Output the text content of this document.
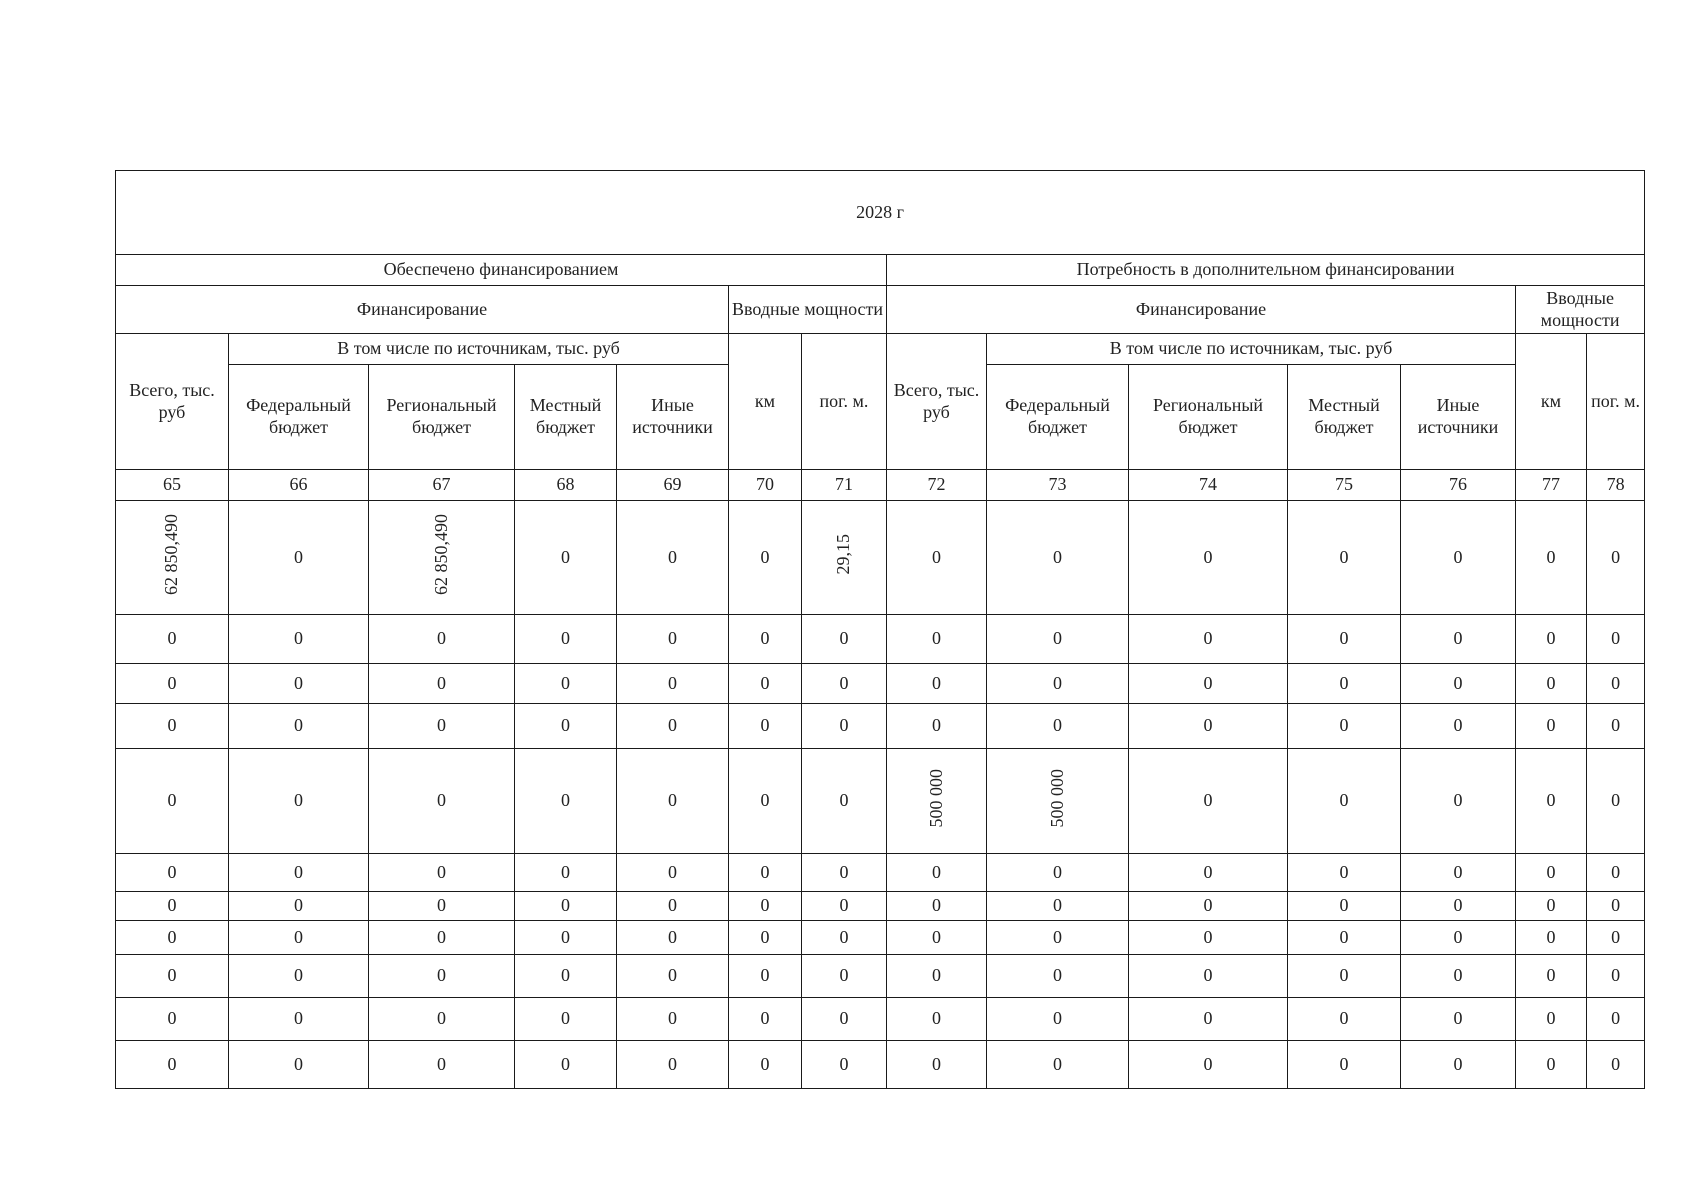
2028 г													
Обеспечено финансированием							Потребность в дополнительном финансировании						
Финансирование					Вводные мощности		Финансирование					Вводные мощности	
Всего, тыс. руб	В том числе по источникам, тыс. руб				км	пог. м.	Всего, тыс. руб	В том числе по источникам, тыс. руб				км	пог. м.
	Федеральный бюджет	Региональный бюджет	Местный бюджет	Иные источники				Федеральный бюджет	Региональный бюджет	Местный бюджет	Иные источники		
65	66	67	68	69	70	71	72	73	74	75	76	77	78
62 850,490	0	62 850,490	0	0	0	29,15	0	0	0	0	0	0	0
0	0	0	0	0	0	0	0	0	0	0	0	0	0
0	0	0	0	0	0	0	0	0	0	0	0	0	0
0	0	0	0	0	0	0	0	0	0	0	0	0	0
0	0	0	0	0	0	0	500 000	500 000	0	0	0	0	0
0	0	0	0	0	0	0	0	0	0	0	0	0	0
0	0	0	0	0	0	0	0	0	0	0	0	0	0
0	0	0	0	0	0	0	0	0	0	0	0	0	0
0	0	0	0	0	0	0	0	0	0	0	0	0	0
0	0	0	0	0	0	0	0	0	0	0	0	0	0
0	0	0	0	0	0	0	0	0	0	0	0	0	0
